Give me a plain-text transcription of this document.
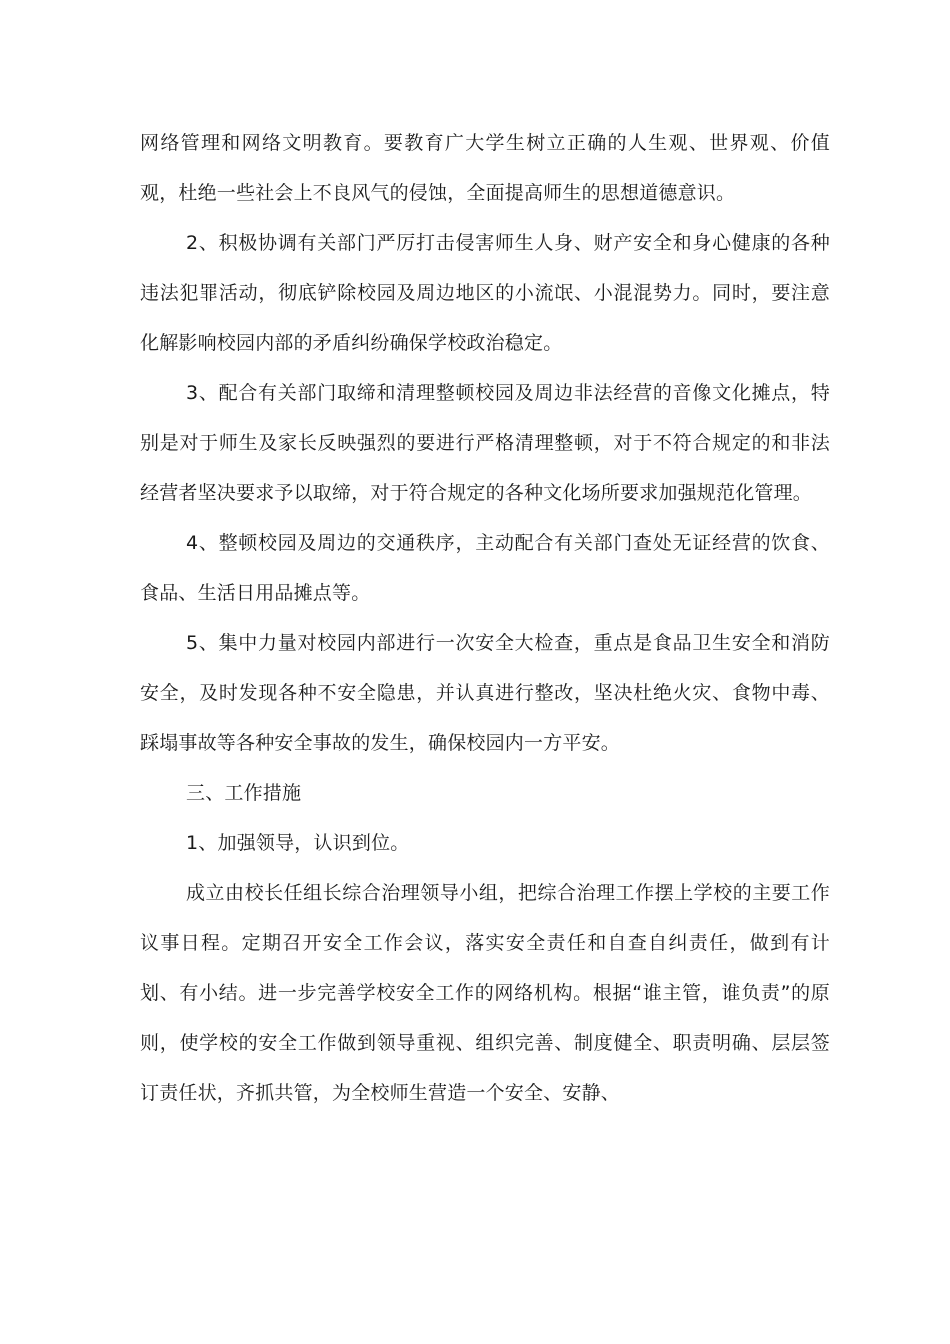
网络管理和网络文明教育。要教育广大学生树立正确的人生观、世界观、价值观，杜绝一些社会上不良风气的侵蚀，全面提高师生的思想道德意识。

2、积极协调有关部门严厉打击侵害师生人身、财产安全和身心健康的各种违法犯罪活动，彻底铲除校园及周边地区的小流氓、小混混势力。同时，要注意化解影响校园内部的矛盾纠纷确保学校政治稳定。

3、配合有关部门取缔和清理整顿校园及周边非法经营的音像文化摊点，特别是对于师生及家长反映强烈的要进行严格清理整顿，对于不符合规定的和非法经营者坚决要求予以取缔，对于符合规定的各种文化场所要求加强规范化管理。

4、整顿校园及周边的交通秩序，主动配合有关部门查处无证经营的饮食、食品、生活日用品摊点等。

5、集中力量对校园内部进行一次安全大检查，重点是食品卫生安全和消防安全，及时发现各种不安全隐患，并认真进行整改，坚决杜绝火灾、食物中毒、踩塌事故等各种安全事故的发生，确保校园内一方平安。

三、工作措施

1、加强领导，认识到位。

成立由校长任组长综合治理领导小组，把综合治理工作摆上学校的主要工作议事日程。定期召开安全工作会议，落实安全责任和自查自纠责任，做到有计划、有小结。进一步完善学校安全工作的网络机构。根据“谁主管，谁负责”的原则，使学校的安全工作做到领导重视、组织完善、制度健全、职责明确、层层签订责任状，齐抓共管，为全校师生营造一个安全、安静、
